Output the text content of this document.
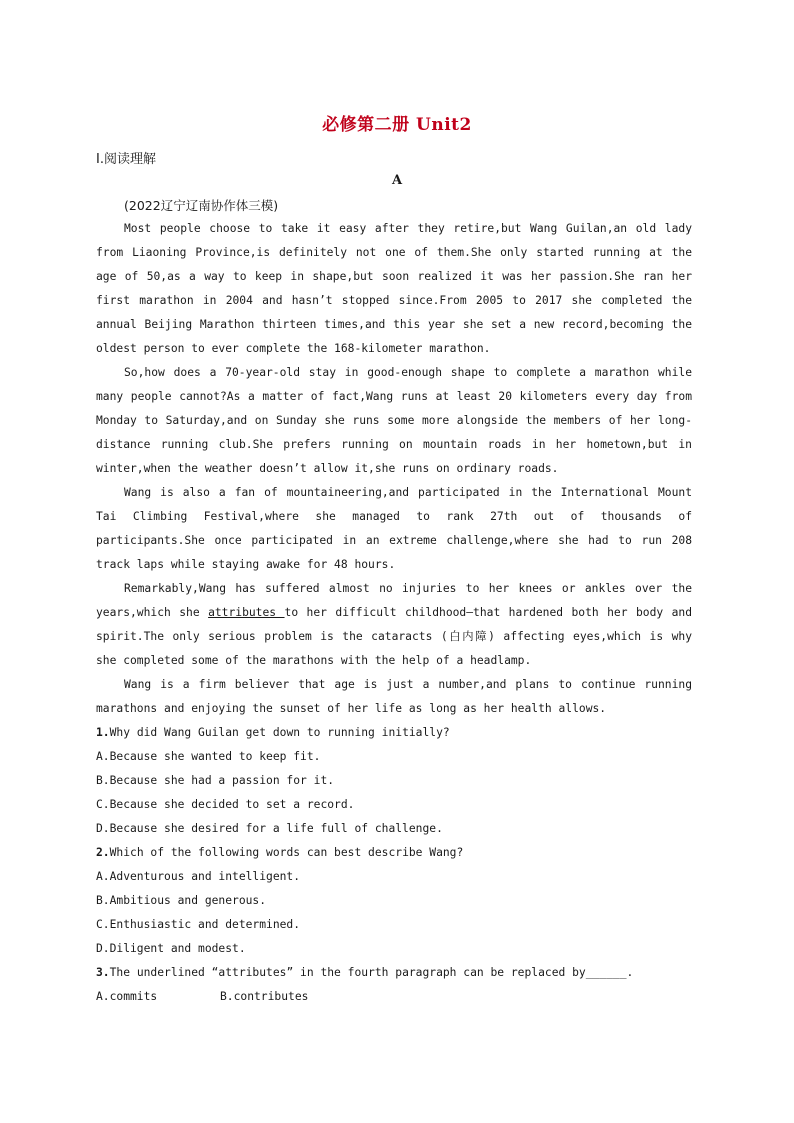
必修第二册 Unit2
Ⅰ.阅读理解
A
(2022辽宁辽南协作体三模)

Most people choose to take it easy after they retire,but Wang Guilan,an old lady from Liaoning Province,is definitely not one of them.She only started running at the age of 50,as a way to keep in shape,but soon realized it was her passion.She ran her first marathon in 2004 and hasn’t stopped since.From 2005 to 2017 she completed the annual Beijing Marathon thirteen times,and this year she set a new record,becoming the oldest person to ever complete the 168-kilometer marathon.

So,how does a 70-year-old stay in good-enough shape to complete a marathon while many people cannot?As a matter of fact,Wang runs at least 20 kilometers every day from Monday to Saturday,and on Sunday she runs some more alongside the members of her long-distance running club.She prefers running on mountain roads in her hometown,but in winter,when the weather doesn’t allow it,she runs on ordinary roads.

Wang is also a fan of mountaineering,and participated in the International Mount Tai Climbing Festival,where she managed to rank 27th out of thousands of participants.She once participated in an extreme challenge,where she had to run 208 track laps while staying awake for 48 hours.

Remarkably,Wang has suffered almost no injuries to her knees or ankles over the years,which she attributes to her difficult childhood—that hardened both her body and spirit.The only serious problem is the cataracts (白内障) affecting eyes,which is why she completed some of the marathons with the help of a headlamp.

Wang is a firm believer that age is just a number,and plans to continue running marathons and enjoying the sunset of her life as long as her health allows.

1.Why did Wang Guilan get down to running initially?

A.Because she wanted to keep fit.

B.Because she had a passion for it.

C.Because she decided to set a record.

D.Because she desired for a life full of challenge.

2.Which of the following words can best describe Wang?

A.Adventurous and intelligent.

B.Ambitious and generous.

C.Enthusiastic and determined.

D.Diligent and modest.

3.The underlined “attributes” in the fourth paragraph can be replaced by______.

A.commits	B.contributes
